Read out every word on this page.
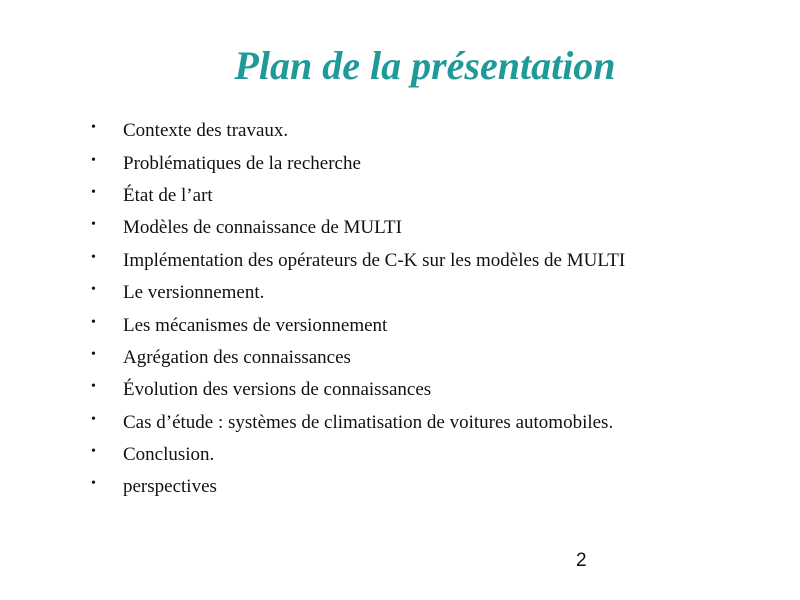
Plan de la présentation
•	Contexte des travaux.
•	Problématiques de la recherche
•	État de l’art
•	Modèles de connaissance de MULTI
•	Implémentation des opérateurs de C-K sur les modèles de MULTI
•	Le versionnement.
•	Les mécanismes de versionnement
•	Agrégation des connaissances
•	Évolution des versions de connaissances
•	Cas d’étude : systèmes de climatisation de voitures automobiles.
•	Conclusion.
•	perspectives
2
